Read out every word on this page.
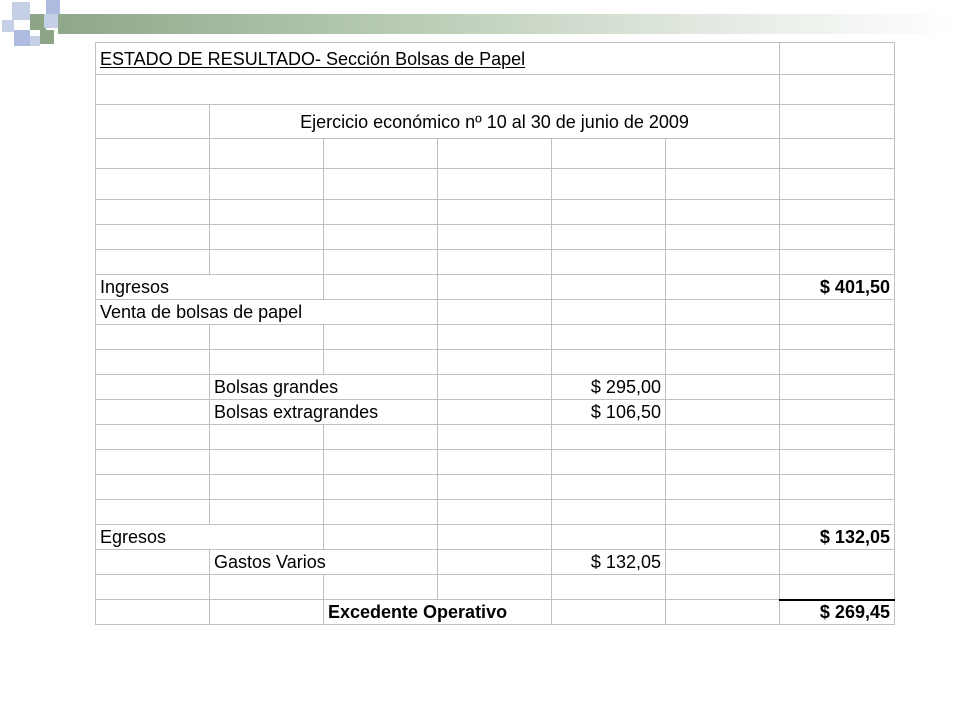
ESTADO DE RESULTADO- Sección Bolsas de Papel						

	Ejercicio económico nº 10 al 30 de junio de 2009					

Ingresos						$ 401,50
Venta de bolsas de papel						

	Bolsas grandes			$ 295,00		
	Bolsas extragrandes			$ 106,50		

Egresos						$ 132,05
	Gastos Varios			$ 132,05		

		Excedente Operativo				$ 269,45
